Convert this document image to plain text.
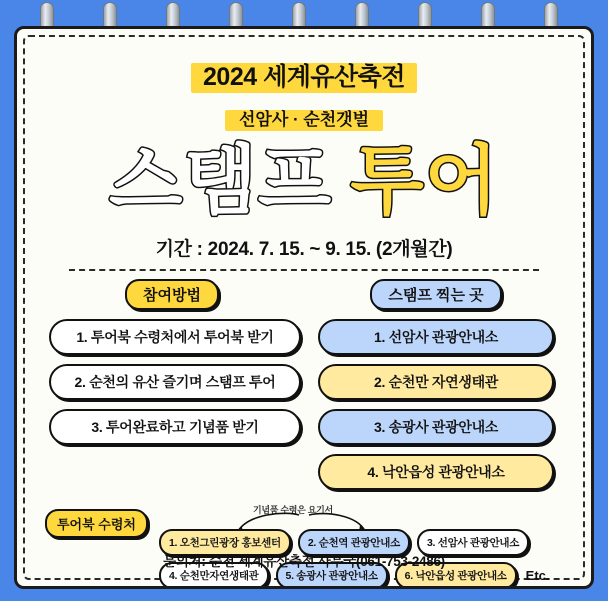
2024 세계유산축전
선암사 · 순천갯벌
스탬프 투어
기간 : 2024. 7. 15. ~ 9. 15. (2개월간)
참여방법
1. 투어북 수령처에서 투어북 받기
2. 순천의 유산 즐기며 스탬프 투어
3. 투어완료하고 기념품 받기
스탬프 찍는 곳
1. 선암사 관광안내소
2. 순천만 자연생태관
3. 송광사 관광안내소
4. 낙안읍성 관광안내소
투어북 수령처
기념품 수령은 요기서
1. 오천그린광장 홍보센터	2. 순천역 관광안내소	3. 선암사 관광안내소
4. 순천만자연생태관	5. 송광사 관광안내소	6. 낙안읍성 관광안내소	Etc.
문의처: 순천 세계유산축전 사무국(061-753-2486)
